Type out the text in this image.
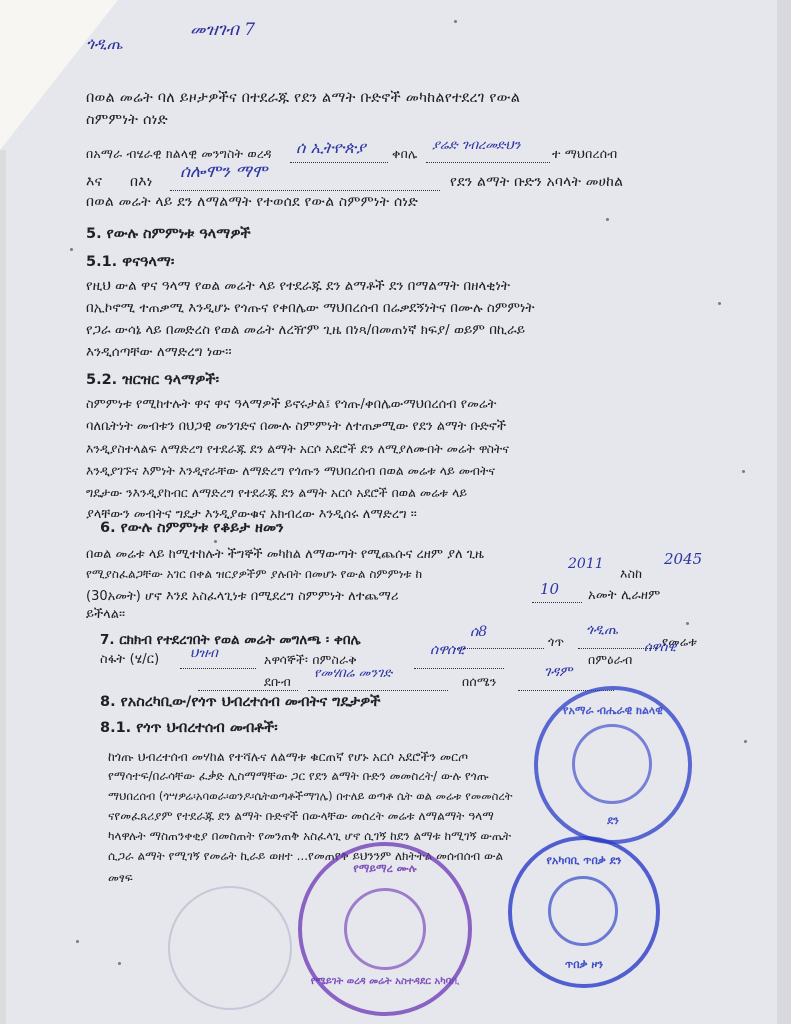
ጎዲጤ
መዝገብ 7
በወል መሬት ባለ ይዞታዎችና በተደራጁ የደን ልማት ቡድኖች መካከልየተደረገ የውል
ስምምነት ሰነድ
በአማራ ብሄራዊ ክልላዊ መንግስት ወረዳ ሰ ኢትዮጵያ ቀበሌ
ያሬድ ገብረመድህን
ተ ማህበረሰብ
እና በእነ ሰሎሞን ማሞ	የደን ልማት ቡድን አባላት መሀከል
በወል መሬት ላይ ደን ለማልማት የተወሰደ የውል ስምምነት ሰነድ
5. የውሉ ስምምነቱ ዓላማዎች
5.1. ዋናዓላማ፡
የዚህ ውል ዋና ዓላማ የወል መሬት ላይ የተደራጁ ደን ልማቶች ደን በማልማት በዘላቂነት
በኢኮኖሚ ተጠቃሚ እንዲሆኑ የጎጡና የቀበሌው ማህበረሰብ በሬቃደኝነትና በሙሉ ስምምነት
የጋራ ውሳኔ ላይ በመድረስ የወል መሬት ለረዥም ጊዜ በነጻ/በመጠነኛ ክፍያ/ ወይም በኪራይ
እንዲሰጣቸው ለማድረግ ነው፡፡
5.2. ዝርዝር ዓላማዎች፡
ስምምነቱ የሚከተሉት ዋና ዋና ዓላማዎች ይኖሩታል፤ የጎጡ/ቀበሌውማህበረሰብ የመሬት
ባለቤትነት መብቱን በህጋዊ መንገድና በሙሉ ስምምነት ለተጠቃሚው የደን ልማት ቡድኖች
እንዲያስተላልፍ ለማድረግ የተደራጁ ደን ልማት አርሶ አደሮች ደን ለሚያለሙበት መሬት ዋስትና
እንዲያገኙና እምነት እንዲኖራቸው ለማድረግ የጎጡን ማህበረሰብ በወል መሬቱ ላይ መብትና
ግዴታው ንእንዲያከብር ለማድረግ የተደራጁ ደን ልማት አርሶ አደሮች በወል መሬቱ ላይ
ያላቸውን መብትና ግዴታ እንዲያውቁና አክብረው እንዲሰሩ ለማድረግ ።
6. የውሉ ስምምነቱ የቆይታ ዘመን
በወል መሬቱ ላይ ከሚተከሉት ችግኞች መካከል ለማውጣት የሚጨሱና ረዘም ያለ ጊዜ
የሚያስፈልጋቸው አገር በቀል ዝርያዎችም ያሉበት በመሆኑ የውል ስምምነቱ ከ
2011
እስከ
2045
(30አመት) ሆኖ እንደ አስፈላጊነቱ በሚደረግ ስምምነት ለተጨማሪ	10 አመት ሊራዘም
ይችላል፡፡
7. ርክክብ የተደረገበት የወል መሬት መግለጫ ፡ ቀበሌ	ሰ8
ጎጥ
ጎዲጤ
የመሬቱ
ስፋት (ሄ/ር) ህዝብ	አዋሳኞች፡ በምስራቅ
ሰዋሰዊ
በምዕራብ
ሰዋሰዊ
ደቡብ
የመሃበሬ መንገድ
በሰሜን
ገዳም
8. የአስረካቢው/የጎጥ ህብረተሰብ መብትና ግዴታዎች
8.1. የጎጥ ህብረተሰብ መብቶች፡
ከጎጡ ህብረተሰብ መሃከል የተሻሉና ለልማቱ ቁርጠኛ የሆኑ አርሶ አደሮችን መርጦ
የማሳተፍ/በራሳቸው ፈቃድ ሊስማማቸው ጋር የደን ልማት ቡድን መመስረት/ ውሉ የጎጡ
ማህበረሰብ (ጎሣዎሬ፡አባወራ፡ወንዶ፡ሴትወጣቶችማገሌ) በተለይ ወጣቶ ሴት ወል መሬቱ የመመስረት
ናየመፈጸሪያም የተደራጁ ደን ልማት ቡድኖች በውላቸው መሰረት መሬቱ ለማልማት ዓላማ
ካላዋሉት ማስጠንቀቂያ በመስጠት የመንጠቅ አስፈላጊ ሆኖ ሲገኝ ከደን ልማቱ ከሚገኝ ውጤት
ሲጋራ ልማት የሚገኝ የመሬት ኪራይ ወዘተ ...የመጠየቅ ይህንንም ለክትትል መሰብሰብ ውል
መፃፍ
የአማራ ብሔራዊ ክልላዊ
ደን
የማይማረ ሙሉ
የሜይገት ወረዳ መሬት አስተዳደር አካባቢ
የአካባቢ ጥበቃ ደን
ጥበቃ ዞን
